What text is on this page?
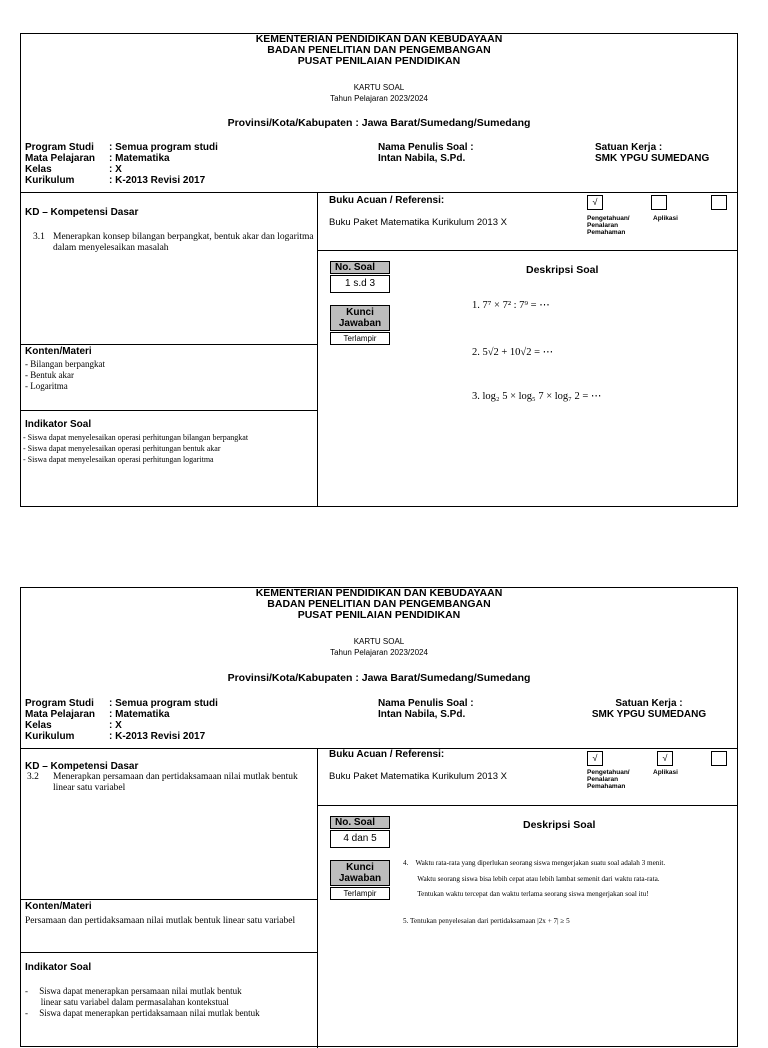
KEMENTERIAN PENDIDIKAN DAN KEBUDAYAAN
BADAN PENELITIAN DAN PENGEMBANGAN
PUSAT PENILAIAN PENDIDIKAN
KARTU SOAL
Tahun Pelajaran 2023/2024
Provinsi/Kota/Kabupaten : Jawa Barat/Sumedang/Sumedang
Program Studi : Semua program studi
Mata Pelajaran : Matematika
Kelas	: X
Kurikulum	: K-2013 Revisi 2017
Nama Penulis Soal :
Intan Nabila, S.Pd.
Satuan Kerja :
SMK YPGU SUMEDANG
KD – Kompetensi Dasar
3.1 Menerapkan konsep bilangan berpangkat, bentuk akar dan logaritma dalam menyelesaikan masalah
Konten/Materi
- Bilangan berpangkat
- Bentuk akar
- Logaritma
Indikator Soal
- Siswa dapat menyelesaikan operasi perhitungan bilangan berpangkat
- Siswa dapat menyelesaikan operasi perhitungan bentuk akar
- Siswa dapat menyelesaikan operasi perhitungan logaritma
Buku Acuan / Referensi:
Buku Paket Matematika Kurikulum 2013 X
√
Pengetahuan/
Penalaran
Pemahaman
Aplikasi
No. Soal
1 s.d 3
Kunci
Jawaban
Terlampir
Deskripsi Soal
1. 7⁷ × 7² : 7⁹ = ⋯
2. 5√2 + 10√2 = ⋯
3. log₂ 5 × log₅ 7 × log₇ 2 = ⋯
KEMENTERIAN PENDIDIKAN DAN KEBUDAYAAN
BADAN PENELITIAN DAN PENGEMBANGAN
PUSAT PENILAIAN PENDIDIKAN
KARTU SOAL
Tahun Pelajaran 2023/2024
Provinsi/Kota/Kabupaten : Jawa Barat/Sumedang/Sumedang
Program Studi : Semua program studi
Mata Pelajaran : Matematika
Kelas	: X
Kurikulum	: K-2013 Revisi 2017
Nama Penulis Soal :
Intan Nabila, S.Pd.
Satuan Kerja :
SMK YPGU SUMEDANG
KD – Kompetensi Dasar
3.2 Menerapkan persamaan dan pertidaksamaan nilai mutlak bentuk linear satu variabel
Konten/Materi
Persamaan dan pertidaksamaan nilai mutlak bentuk linear satu variabel
Indikator Soal
-     Siswa dapat menerapkan persamaan nilai mutlak bentuk
linear satu variabel dalam permasalahan kontekstual
-     Siswa dapat menerapkan pertidaksamaan nilai mutlak bentuk
Buku Acuan / Referensi:
Buku Paket Matematika Kurikulum 2013 X
√	√
Pengetahuan/
Penalaran
Pemahaman
Aplikasi
No. Soal
4 dan 5
Kunci
Jawaban
Terlampir
Deskripsi Soal
4.    Waktu rata-rata yang diperlukan seorang siswa mengerjakan suatu soal adalah 3 menit.
Waktu seorang siswa bisa lebih cepat atau lebih lambat semenit dari waktu rata-rata.
Tentukan waktu tercepat dan waktu terlama seorang siswa mengerjakan soal itu!
5. Tentukan penyelesaian dari pertidaksamaan |2x + 7| ≥ 5
